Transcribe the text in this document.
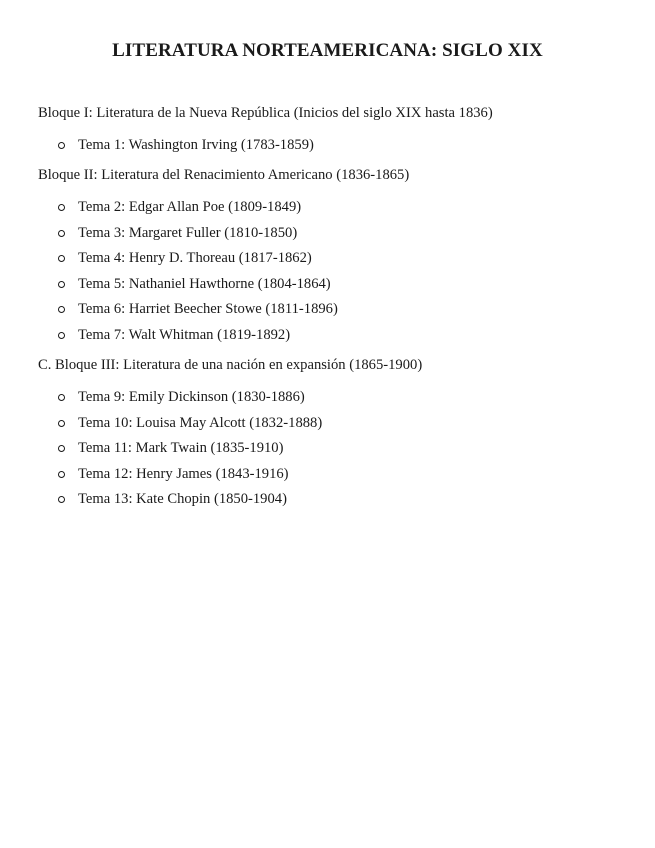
LITERATURA NORTEAMERICANA: SIGLO XIX

Bloque I: Literatura de la Nueva República (Inicios del siglo XIX hasta 1836)

Tema 1: Washington Irving (1783-1859)

Bloque II: Literatura del Renacimiento Americano (1836-1865)

Tema 2: Edgar Allan Poe (1809-1849)
Tema 3: Margaret Fuller (1810-1850)
Tema 4: Henry D. Thoreau (1817-1862)
Tema 5: Nathaniel Hawthorne (1804-1864)
Tema 6: Harriet Beecher Stowe (1811-1896)
Tema 7: Walt Whitman (1819-1892)

C. Bloque III: Literatura de una nación en expansión (1865-1900)

Tema 9: Emily Dickinson (1830-1886)
Tema 10: Louisa May Alcott (1832-1888)
Tema 11: Mark Twain (1835-1910)
Tema 12: Henry James (1843-1916)
Tema 13: Kate Chopin (1850-1904)
